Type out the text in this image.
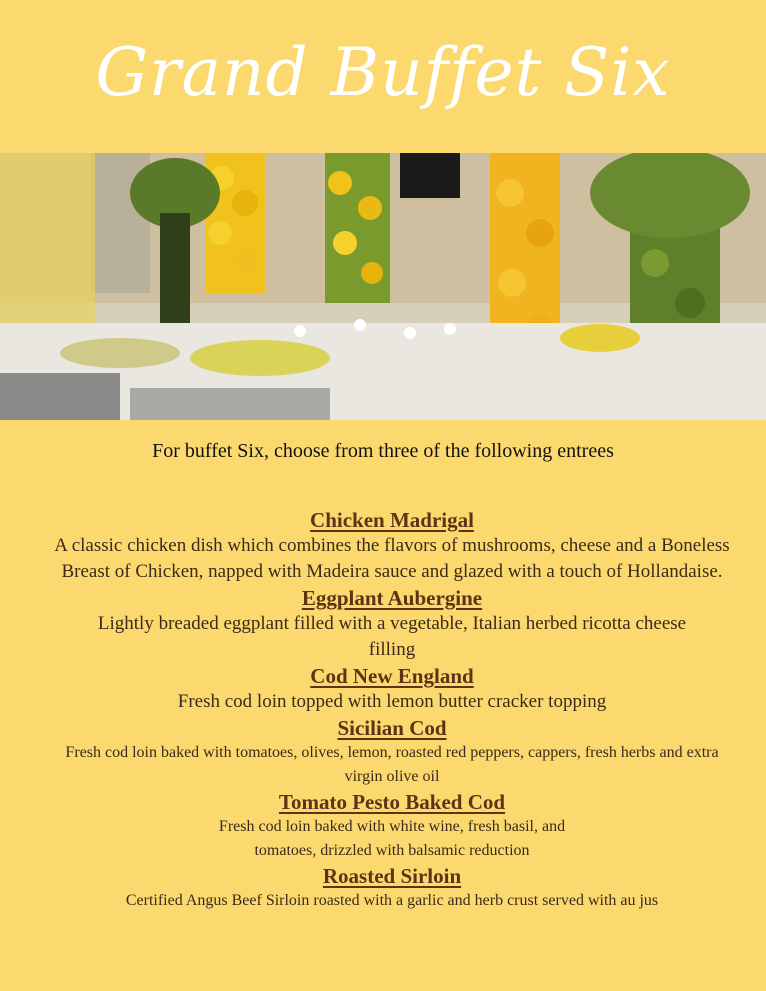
Grand Buffet Six
For buffet Six, choose from three of the following entrees
Chicken Madrigal
A classic chicken dish which combines the flavors of mushrooms, cheese and a Boneless Breast of Chicken, napped with Madeira sauce and glazed with a touch of Hollandaise.
Eggplant Aubergine
Lightly breaded eggplant filled with a vegetable, Italian herbed ricotta cheese filling
Cod New England
Fresh cod loin topped with lemon butter cracker topping
Sicilian Cod
Fresh cod loin baked with tomatoes, olives, lemon, roasted red peppers, cappers, fresh herbs and extra virgin olive oil
Tomato Pesto Baked Cod
Fresh cod loin baked with white wine, fresh basil, and tomatoes, drizzled with balsamic reduction
Roasted Sirloin
Certified Angus Beef Sirloin roasted with a garlic and herb crust served with au jus
